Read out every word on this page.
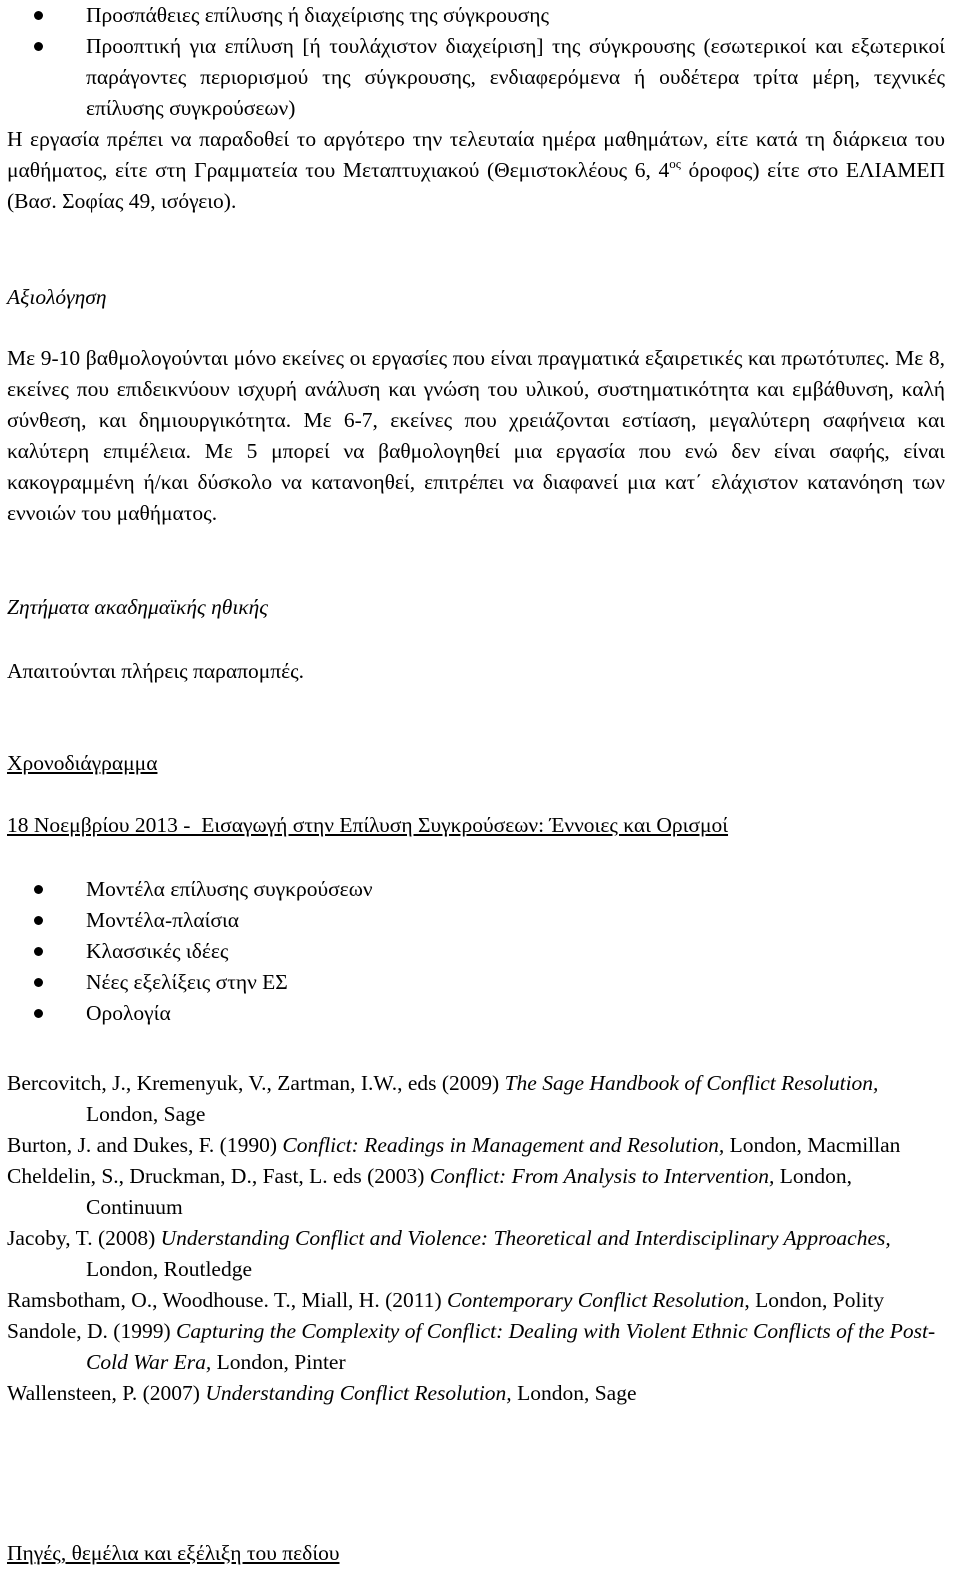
Προσπάθειες επίλυσης ή διαχείρισης της σύγκρουσης
Προοπτική για επίλυση [ή τουλάχιστον διαχείριση] της σύγκρουσης (εσωτερικοί και εξωτερικοί παράγοντες περιορισμού της σύγκρουσης, ενδιαφερόμενα ή ουδέτερα τρίτα μέρη, τεχνικές επίλυσης συγκρούσεων)

Η εργασία πρέπει να παραδοθεί το αργότερο την τελευταία ημέρα μαθημάτων, είτε κατά τη διάρκεια του μαθήματος, είτε στη Γραμματεία του Μεταπτυχιακού (Θεμιστοκλέους 6, $4^{o\varsigma}$ όροφος) είτε στο ΕΛΙΑΜΕΠ (Βασ. Σοφίας 49, ισόγειο).

Αξιολόγηση

Με 9-10 βαθμολογούνται μόνο εκείνες οι εργασίες που είναι πραγματικά εξαιρετικές και πρωτότυπες. Με 8, εκείνες που επιδεικνύουν ισχυρή ανάλυση και γνώση του υλικού, συστηματικότητα και εμβάθυνση, καλή σύνθεση, και δημιουργικότητα. Με 6-7, εκείνες που χρειάζονται εστίαση, μεγαλύτερη σαφήνεια και καλύτερη επιμέλεια. Με 5 μπορεί να βαθμολογηθεί μια εργασία που ενώ δεν είναι σαφής, είναι κακογραμμένη ή/και δύσκολο να κατανοηθεί, επιτρέπει να διαφανεί μια κατ΄ ελάχιστον κατανόηση των εννοιών του μαθήματος.

Ζητήματα ακαδημαϊκής ηθικής

Απαιτούνται πλήρεις παραπομπές.

Χρονοδιάγραμμα

18 Νοεμβρίου 2013 -  Εισαγωγή στην Επίλυση Συγκρούσεων: Έννοιες και Ορισμοί

Μοντέλα επίλυσης συγκρούσεων
Μοντέλα-πλαίσια
Κλασσικές ιδέες
Νέες εξελίξεις στην ΕΣ
Ορολογία

Bercovitch, J., Kremenyuk, V., Zartman, I.W., eds (2009) The Sage Handbook of Conflict Resolution, London, Sage

Burton, J. and Dukes, F. (1990) Conflict: Readings in Management and Resolution, London, Macmillan

Cheldelin, S., Druckman, D., Fast, L. eds (2003) Conflict: From Analysis to Intervention, London, Continuum

Jacoby, T. (2008) Understanding Conflict and Violence: Theoretical and Interdisciplinary Approaches, London, Routledge

Ramsbotham, O., Woodhouse. T., Miall, H. (2011) Contemporary Conflict Resolution, London, Polity

Sandole, D. (1999) Capturing the Complexity of Conflict: Dealing with Violent Ethnic Conflicts of the Post-Cold War Era, London, Pinter

Wallensteen, P. (2007) Understanding Conflict Resolution, London, Sage

Πηγές, θεμέλια και εξέλιξη του πεδίου
